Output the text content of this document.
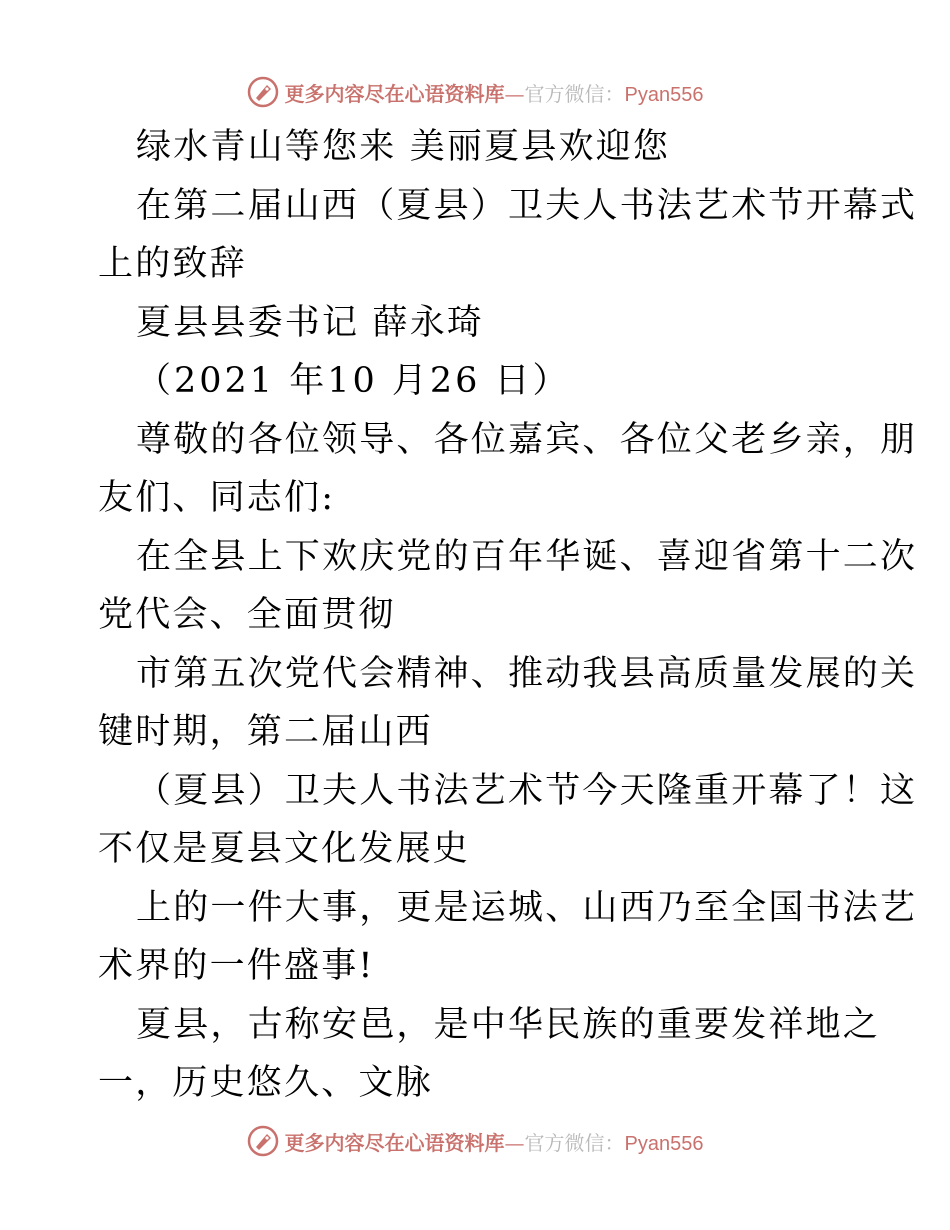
更多内容尽在心语资料库—官方微信：Pyan556
绿水青山等您来 美丽夏县欢迎您
在第二届山西（夏县）卫夫人书法艺术节开幕式
上的致辞
夏县县委书记 薛永琦
（2021 年10 月26 日）
尊敬的各位领导、各位嘉宾、各位父老乡亲，朋
友们、同志们:
在全县上下欢庆党的百年华诞、喜迎省第十二次
党代会、全面贯彻
市第五次党代会精神、推动我县高质量发展的关
键时期，第二届山西
（夏县）卫夫人书法艺术节今天隆重开幕了！这
不仅是夏县文化发展史
上的一件大事，更是运城、山西乃至全国书法艺
术界的一件盛事!
夏县，古称安邑，是中华民族的重要发祥地之
一，历史悠久、文脉
更多内容尽在心语资料库—官方微信：Pyan556
